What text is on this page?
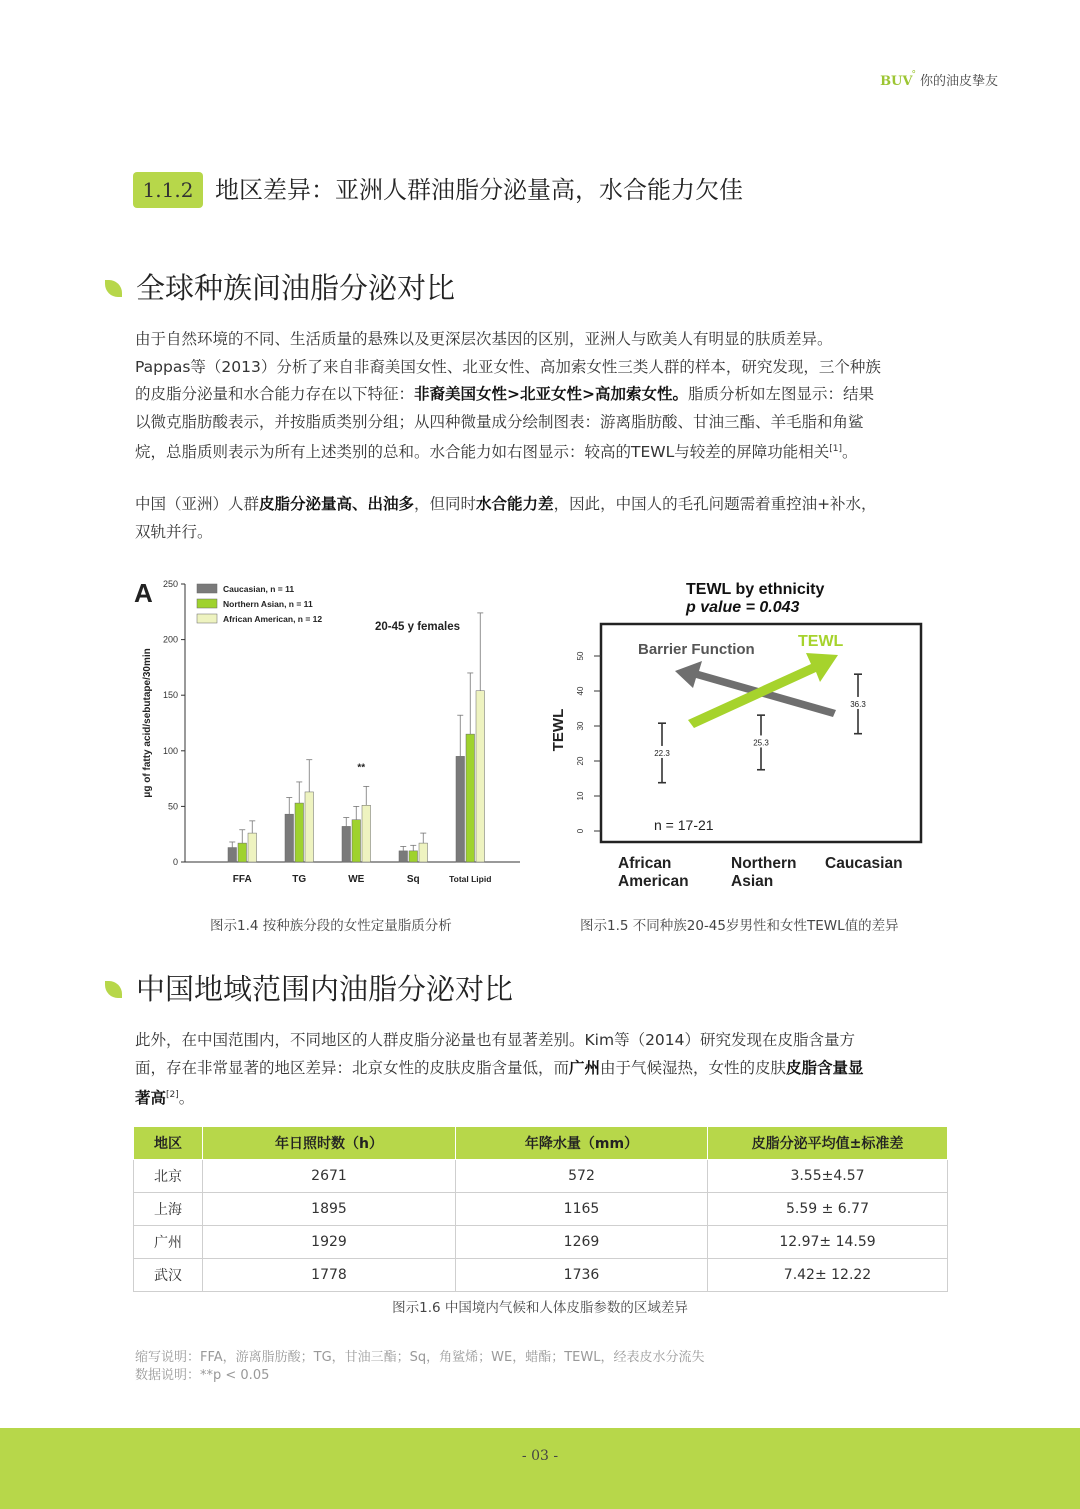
BUV° 你的油皮挚友
1.1.2 地区差异：亚洲人群油脂分泌量高，水合能力欠佳
全球种族间油脂分泌对比
由于自然环境的不同、生活质量的悬殊以及更深层次基因的区别，亚洲人与欧美人有明显的肤质差异。
Pappas等（2013）分析了来自非裔美国女性、北亚女性、高加索女性三类人群的样本，研究发现，三个种族
的皮脂分泌量和水合能力存在以下特征：非裔美国女性>北亚女性>高加索女性。脂质分析如左图显示：结果
以微克脂肪酸表示，并按脂质类别分组；从四种微量成分绘制图表：游离脂肪酸、甘油三酯、羊毛脂和角鲨
烷，总脂质则表示为所有上述类别的总和。水合能力如右图显示：较高的TEWL与较差的屏障功能相关[1]。
中国（亚洲）人群皮脂分泌量高、出油多，但同时水合能力差，因此，中国人的毛孔问题需着重控油+补水，
双轨并行。
A
0
50
100
150
200
250
μg of fatty acid/sebutape/30min
FFA	TG	WE
**
Sq	Total Lipid
Caucasian, n = 11
Northern Asian, n = 11
African American, n = 12
20-45 y females
图示1.4 按种族分段的女性定量脂质分析
TEWL by ethnicity
p value = 0.043
0
10
20
30
40
50
TEWL
Barrier Function	TEWL
22.3
25.3
36.3
n = 17-21
African
American
Northern
Asian
Caucasian
图示1.5 不同种族20-45岁男性和女性TEWL值的差异
中国地域范围内油脂分泌对比
此外，在中国范围内，不同地区的人群皮脂分泌量也有显著差别。Kim等（2014）研究发现在皮脂含量方
面，存在非常显著的地区差异：北京女性的皮肤皮脂含量低，而广州由于气候湿热，女性的皮肤皮脂含量显
著高[2]。
地区	年日照时数（h）	年降水量（mm）	皮脂分泌平均值±标准差
北京	2671	572	3.55±4.57
上海	1895	1165	5.59 ± 6.77
广州	1929	1269	12.97± 14.59
武汉	1778	1736	7.42± 12.22
图示1.6 中国境内气候和人体皮脂参数的区域差异
缩写说明：FFA，游离脂肪酸；TG，甘油三酯；Sq，角鲨烯；WE，蜡酯；TEWL，经表皮水分流失
数据说明：**p < 0.05
- 03 -
